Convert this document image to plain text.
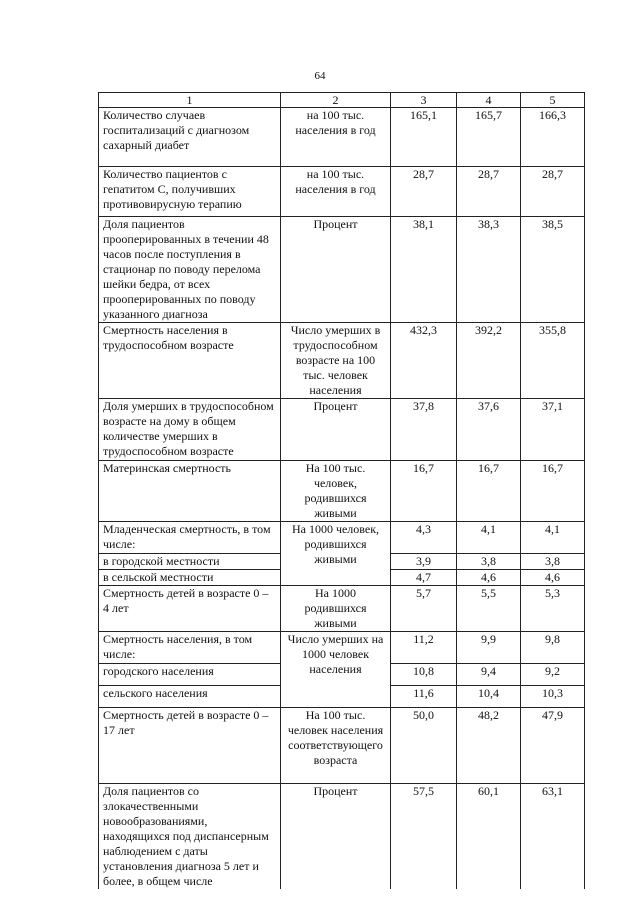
64
1	2	3	4	5
Количество случаев госпитализаций с диагнозом сахарный диабет	на 100 тыс. населения в год	165,1	165,7	166,3
Количество пациентов с гепатитом С, получивших противовирусную терапию	на 100 тыс. населения в год	28,7	28,7	28,7
Доля пациентов прооперированных в течении 48 часов после поступления в стационар по поводу перелома шейки бедра, от всех прооперированных по поводу указанного диагноза	Процент	38,1	38,3	38,5
Смертность населения в трудоспособном возрасте	Число умерших в трудоспособном возрасте на 100 тыс. человек населения	432,3	392,2	355,8
Доля умерших в трудоспособном возрасте на дому в общем количестве умерших в трудоспособном возрасте	Процент	37,8	37,6	37,1
Материнская смертность	На 100 тыс. человек, родившихся живыми	16,7	16,7	16,7
Младенческая смертность, в том числе:	На 1000 человек, родившихся живыми	4,3	4,1	4,1
в городской местности		3,9	3,8	3,8
в сельской местности		4,7	4,6	4,6
Смертность детей в возрасте 0 – 4 лет	На 1000 родившихся живыми	5,7	5,5	5,3
Смертность населения, в том числе:	Число умерших на 1000 человек населения	11,2	9,9	9,8
городского населения		10,8	9,4	9,2
сельского населения		11,6	10,4	10,3
Смертность детей в возрасте 0 – 17 лет	На 100 тыс. человек населения соответствующего возраста	50,0	48,2	47,9
Доля пациентов со злокачественными новообразованиями, находящихся под диспансерным наблюдением с даты установления диагноза 5 лет и более, в общем числе	Процент	57,5	60,1	63,1
